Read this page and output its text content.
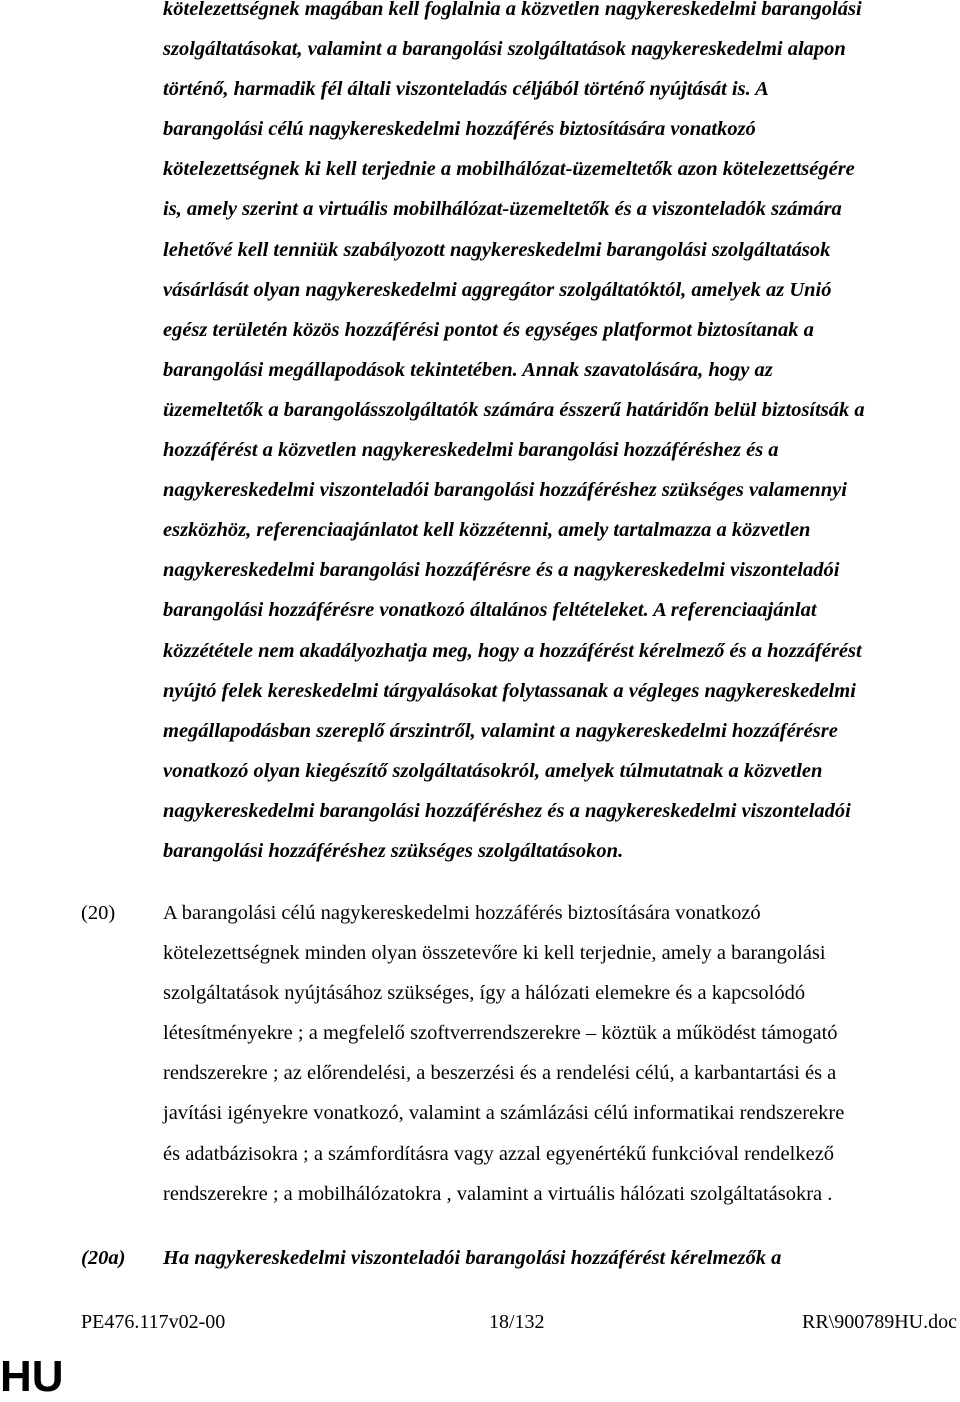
kötelezettségnek magában kell foglalnia a közvetlen nagykereskedelmi barangolási
szolgáltatásokat, valamint a barangolási szolgáltatások nagykereskedelmi alapon
történő, harmadik fél általi viszonteladás céljából történő nyújtását is. A
barangolási célú nagykereskedelmi hozzáférés biztosítására vonatkozó
kötelezettségnek ki kell terjednie a mobilhálózat-üzemeltetők azon kötelezettségére
is, amely szerint a virtuális mobilhálózat-üzemeltetők és a viszonteladók számára
lehetővé kell tenniük szabályozott nagykereskedelmi barangolási szolgáltatások
vásárlását olyan nagykereskedelmi aggregátor szolgáltatóktól, amelyek az Unió
egész területén közös hozzáférési pontot és egységes platformot biztosítanak a
barangolási megállapodások tekintetében. Annak szavatolására, hogy az
üzemeltetők a barangolásszolgáltatók számára ésszerű határidőn belül biztosítsák a
hozzáférést a közvetlen nagykereskedelmi barangolási hozzáféréshez és a
nagykereskedelmi viszonteladói barangolási hozzáféréshez szükséges valamennyi
eszközhöz, referenciaajánlatot kell közzétenni, amely tartalmazza a közvetlen
nagykereskedelmi barangolási hozzáférésre és a nagykereskedelmi viszonteladói
barangolási hozzáférésre vonatkozó általános feltételeket. A referenciaajánlat
közzététele nem akadályozhatja meg, hogy a hozzáférést kérelmező és a hozzáférést
nyújtó felek kereskedelmi tárgyalásokat folytassanak a végleges nagykereskedelmi
megállapodásban szereplő árszintről, valamint a nagykereskedelmi hozzáférésre
vonatkozó olyan kiegészítő szolgáltatásokról, amelyek túlmutatnak a közvetlen
nagykereskedelmi barangolási hozzáféréshez és a nagykereskedelmi viszonteladói
barangolási hozzáféréshez szükséges szolgáltatásokon.
(20) A barangolási célú nagykereskedelmi hozzáférés biztosítására vonatkozó
kötelezettségnek minden olyan összetevőre ki kell terjednie, amely a barangolási
szolgáltatások nyújtásához szükséges, így a hálózati elemekre és a kapcsolódó
létesítményekre ; a megfelelő szoftverrendszerekre – köztük a működést támogató
rendszerekre ; az előrendelési, a beszerzési és a rendelési célú, a karbantartási és a
javítási igényekre vonatkozó, valamint a számlázási célú informatikai rendszerekre
és adatbázisokra ; a számfordításra vagy azzal egyenértékű funkcióval rendelkező
rendszerekre ; a mobilhálózatokra , valamint a virtuális hálózati szolgáltatásokra .
(20a) Ha nagykereskedelmi viszonteladói barangolási hozzáférést kérelmezők a
PE476.117v02-00	18/132	RR\900789HU.doc
HU
